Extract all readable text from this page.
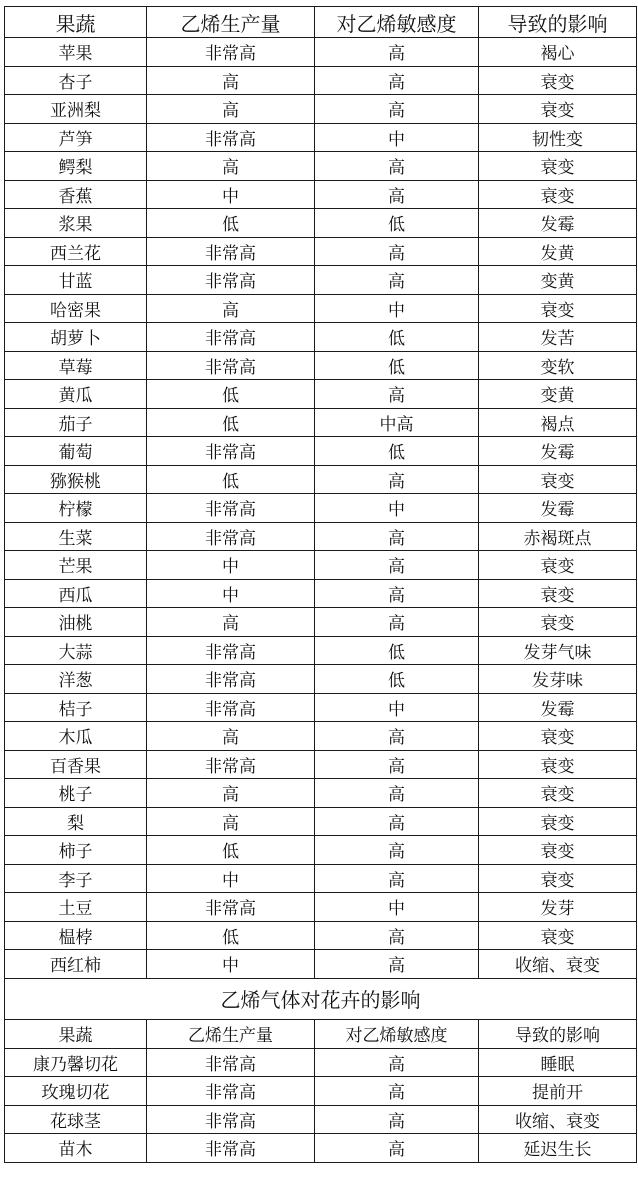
果蔬	乙烯生产量	对乙烯敏感度	导致的影响
苹果	非常高	高	褐心
杏子	高	高	衰变
亚洲梨	高	高	衰变
芦笋	非常高	中	韧性变
鳄梨	高	高	衰变
香蕉	中	高	衰变
浆果	低	低	发霉
西兰花	非常高	高	发黄
甘蓝	非常高	高	变黄
哈密果	高	中	衰变
胡萝卜	非常高	低	发苦
草莓	非常高	低	变软
黄瓜	低	高	变黄
茄子	低	中高	褐点
葡萄	非常高	低	发霉
猕猴桃	低	高	衰变
柠檬	非常高	中	发霉
生菜	非常高	高	赤褐斑点
芒果	中	高	衰变
西瓜	中	高	衰变
油桃	高	高	衰变
大蒜	非常高	低	发芽气味
洋葱	非常高	低	发芽味
桔子	非常高	中	发霉
木瓜	高	高	衰变
百香果	非常高	高	衰变
桃子	高	高	衰变
梨	高	高	衰变
柿子	低	高	衰变
李子	中	高	衰变
土豆	非常高	中	发芽
榅桲	低	高	衰变
西红柿	中	高	收缩、衰变
乙烯气体对花卉的影响			
果蔬	乙烯生产量	对乙烯敏感度	导致的影响
康乃馨切花	非常高	高	睡眠
玫瑰切花	非常高	高	提前开
花球茎	非常高	高	收缩、衰变
苗木	非常高	高	延迟生长
